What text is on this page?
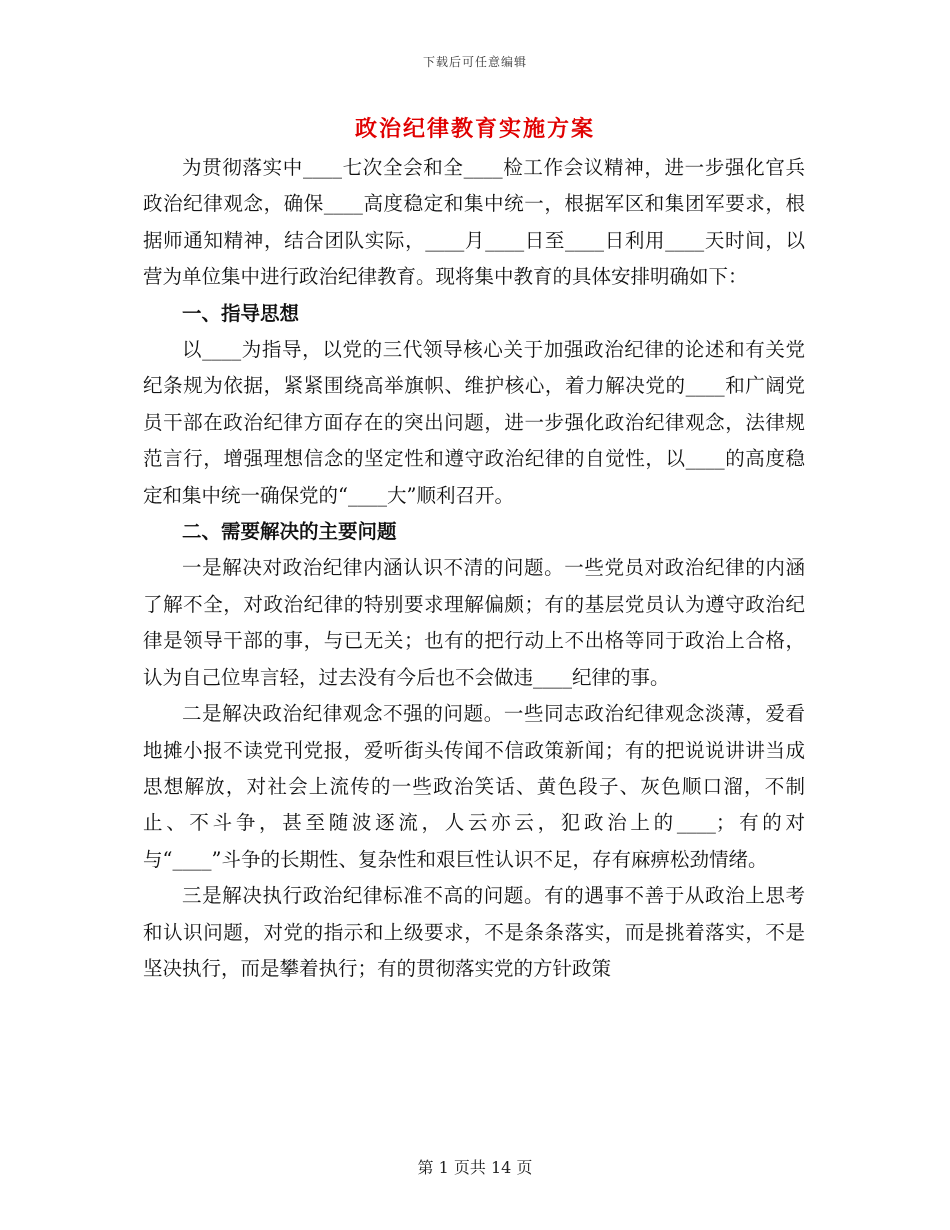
下载后可任意编辑
政治纪律教育实施方案

为贯彻落实中____七次全会和全____检工作会议精神，进一步强化官兵政治纪律观念，确保____高度稳定和集中统一，根据军区和集团军要求，根据师通知精神，结合团队实际，____月____日至____日利用____天时间，以营为单位集中进行政治纪律教育。现将集中教育的具体安排明确如下：

一、指导思想

以____为指导，以党的三代领导核心关于加强政治纪律的论述和有关党纪条规为依据，紧紧围绕高举旗帜、维护核心，着力解决党的____和广阔党员干部在政治纪律方面存在的突出问题，进一步强化政治纪律观念，法律规范言行，增强理想信念的坚定性和遵守政治纪律的自觉性，以____的高度稳定和集中统一确保党的“____大”顺利召开。

二、需要解决的主要问题

一是解决对政治纪律内涵认识不清的问题。一些党员对政治纪律的内涵了解不全，对政治纪律的特别要求理解偏颇；有的基层党员认为遵守政治纪律是领导干部的事，与已无关；也有的把行动上不出格等同于政治上合格，认为自己位卑言轻，过去没有今后也不会做违____纪律的事。

二是解决政治纪律观念不强的问题。一些同志政治纪律观念淡薄，爱看地摊小报不读党刊党报，爱听街头传闻不信政策新闻；有的把说说讲讲当成思想解放，对社会上流传的一些政治笑话、黄色段子、灰色顺口溜，不制止、不斗争，甚至随波逐流，人云亦云，犯政治上的____；有的对与“____”斗争的长期性、复杂性和艰巨性认识不足，存有麻痹松劲情绪。

三是解决执行政治纪律标准不高的问题。有的遇事不善于从政治上思考和认识问题，对党的指示和上级要求，不是条条落实，而是挑着落实，不是坚决执行，而是攀着执行；有的贯彻落实党的方针政策

第 1 页共 14 页
